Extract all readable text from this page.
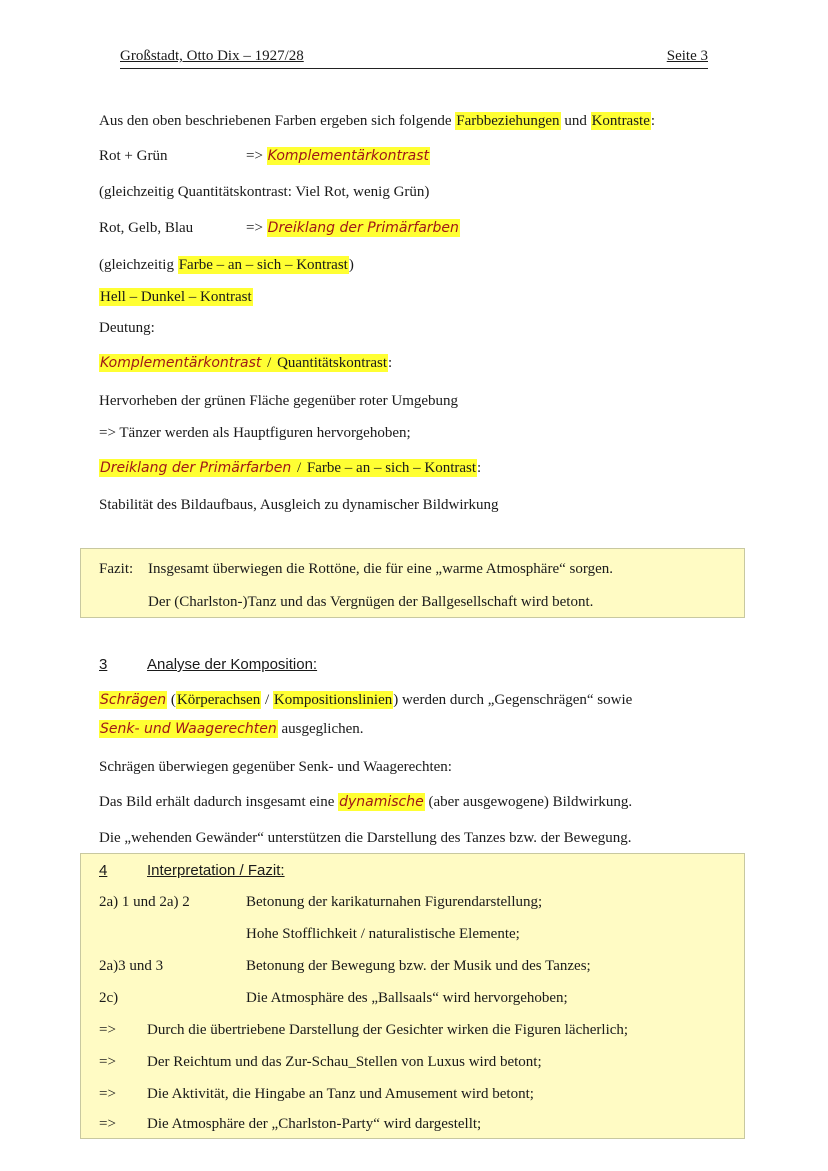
Großstadt, Otto Dix – 1927/28	Seite 3
Aus den oben beschriebenen Farben ergeben sich folgende Farbbeziehungen und Kontraste:
Rot + Grün	=> Komplementärkontrast
(gleichzeitig Quantitätskontrast: Viel Rot, wenig Grün)
Rot, Gelb, Blau	=> Dreiklang der Primärfarben
(gleichzeitig Farbe – an – sich – Kontrast)
Hell – Dunkel – Kontrast
Deutung:
Komplementärkontrast / Quantitätskontrast:
Hervorheben der grünen Fläche gegenüber roter Umgebung
=> Tänzer werden als Hauptfiguren hervorgehoben;
Dreiklang der Primärfarben / Farbe – an – sich – Kontrast:
Stabilität des Bildaufbaus, Ausgleich zu dynamischer Bildwirkung
Fazit: Insgesamt überwiegen die Rottöne, die für eine „warme Atmosphäre“ sorgen.
Der (Charlston-)Tanz und das Vergnügen der Ballgesellschaft wird betont.
3	Analyse der Komposition:
Schrägen (Körperachsen / Kompositionslinien) werden durch „Gegenschrägen“ sowie
Senk- und Waagerechten ausgeglichen.
Schrägen überwiegen gegenüber Senk- und Waagerechten:
Das Bild erhält dadurch insgesamt eine dynamische (aber ausgewogene) Bildwirkung.
Die „wehenden Gewänder“ unterstützen die Darstellung des Tanzes bzw. der Bewegung.
4	Interpretation / Fazit:
2a) 1 und 2a) 2	Betonung der karikaturnahen Figurendarstellung;
Hohe Stofflichkeit / naturalistische Elemente;
2a)3 und 3	Betonung der Bewegung bzw. der Musik und des Tanzes;
2c)	Die Atmosphäre des „Ballsaals“ wird hervorgehoben;
=> Durch die übertriebene Darstellung der Gesichter wirken die Figuren lächerlich;
=> Der Reichtum und das Zur-Schau_Stellen von Luxus wird betont;
=> Die Aktivität, die Hingabe an Tanz und Amusement wird betont;
=> Die Atmosphäre der „Charlston-Party“ wird dargestellt;
